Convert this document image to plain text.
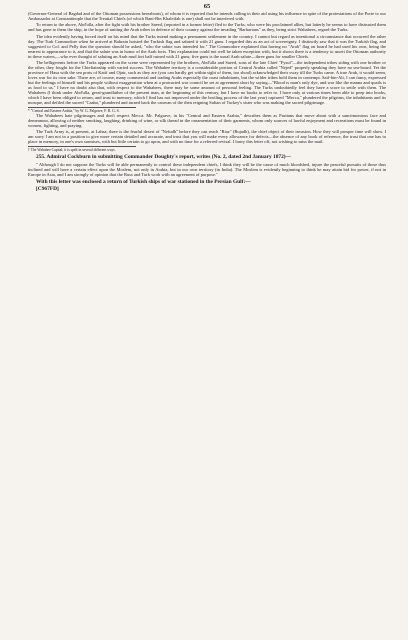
65

(Governor-General of Bagdad and of the Ottoman possessions hereabouts), of whom it is reported that he intends calling in their aid using his influence in spite of the protestations of the Porte to our Ambassador at Constantinople that the Treatial Chiefs (of which Bani-Bin Khaleifah is one) shall not be interfered with.

To return to the above, Abd'ulla, after the fight with his brother Saeed, (reported in a former letter) fled to the Turks, who were his proclaimed allies, but latterly he seems to have distrusted them and has gone to them the ship, in the hope of uniting the Arab tribes in defence of their country against the invading "Barbarians" as they, being strict Wahabees, regard the Turks.

The idea evidently having forced itself on his mind that the Turks intend making a permanent settlement in the country. I cannot but regard as intentional a circumstance that occurred the other day. The Turk Commodore when he arrived at Bahrain hoisted the Turkish flag and saluted it with 21 guns. I regarded this as an act of sovereignty. I distinctly saw that it was the Turkish flag, and suggested to Col. and Pelly that the question should be asked, "who the salute was intended for." The Commodore explained that having no "Arab" flag on board he had used his own, being the nearest to appearance to it, and that the salute was in honor of the Arab forts. This explanation could not well be taken exception with, but it shows there is a tendency to assert the Ottoman authority in these waters,—who ever thought of saluting an Arab mud fort half ruined with 21 guns; five guns is the usual Arab salute—three guns for smaller Chiefs.

The belligerents before the Turks appeared on the scene were represented by the brothers, Abd'ulla and Saeed, sons of the late Chief "Fysul"—the independent tribes siding with one brother or the other, they fought for the Chieftainship with varied success. The Wahabee territory is a considerable portion of Central Arabia called "Nejed" properly speaking they have no sea-board. Yet the province of Hasa with the sea ports of Katif and Ojair, such as they are (you can hardly get within sight of them, too shoal) acknowledged their sway till the Turks came. A true Arab, it would seem, loves war for its own sake. There are, of course, many commercial and trading Arabs especially the coast inhabitants, but the wilder tribes hold them in contempt. Saif-bin-Ali, I can fancy, expressed but the feelings of himself and his people without exaggeration when at a protracted war council he set at agreement short by saying—"Blood is man's only dye, and war like the manna and quails is as food to us." I have no doubt also that, with respect to the Wahabees, there may be some amount of personal feeling. The Turks undoubtedly feel they have a score to settle with them. The Wahabees (I think under Abd'ulla, great-grandfather of the present man, at the beginning of this century, but I have no books to refer to. I have only at various times been able to peep into books, which I have been obliged to return, and trust to memory, which I find has not improved under the broiling process of the last year) captured "Mecca," plundered the pilgrims, the inhabitants and its mosque, and defiled the sacred "Caaba," plundered and turned back the caravan of the then reigning Sultan of Turkey's sister who was making the sacred pilgrimage.

* "Central and Eastern Arabia," by W. G. Palgrave, F. R. G. S.

The Wahabees hate pilgrimages and don't respect Mecca. Mr. Palgrave, in his "Central and Eastern Arabia," describes them as Puritans that move about with a sanctimonious face and demeanour, allowing of neither smoking, laughing, drinking of wine, or silk thread in the ornamentation of their garments, whom only sources of lawful enjoyment and recreations must be found in women, fighting, and praying.

The Turk Army is, at present, at Lahsa; there is the fearful desert of "Nefudh" before they can reach "Riaz" (Rujadh), the chief object of their invasion. How they will prosper time will show. I am sorry I am not in a position to give more certain detailed and accurate, and trust that you will make every allowance for defects—the absence of any book of reference, the trust that one has to place in memory, in one's own surmises, with but little certain to go upon, and with no time for a referred revisal. I hurry this letter off, not wishing to miss the mail.

† The Wahabee Capital; it is spelt in several different ways.

255. Admiral Cockburn in submitting Commander Doughty's report, writes (No. 2, dated 2nd January 1872)—

" Although I do not suppose the Turks will be able permanently to control these independent chiefs, I think they will be the cause of much bloodshed, injure the peaceful pursuits of those thus inclined and will have a certain effect upon the Moslem, not only in Arabia, but in our own territory (in India). The Moslem is evidently beginning to think he may attain bid for power, if not in Europe in Asia, and I am strongly of opinion that the Russ and Turk work with an agreement of purpose."

With this letter was enclosed a return of Turkish ships of war stationed in the Persian Gulf:—

[C967FD]
